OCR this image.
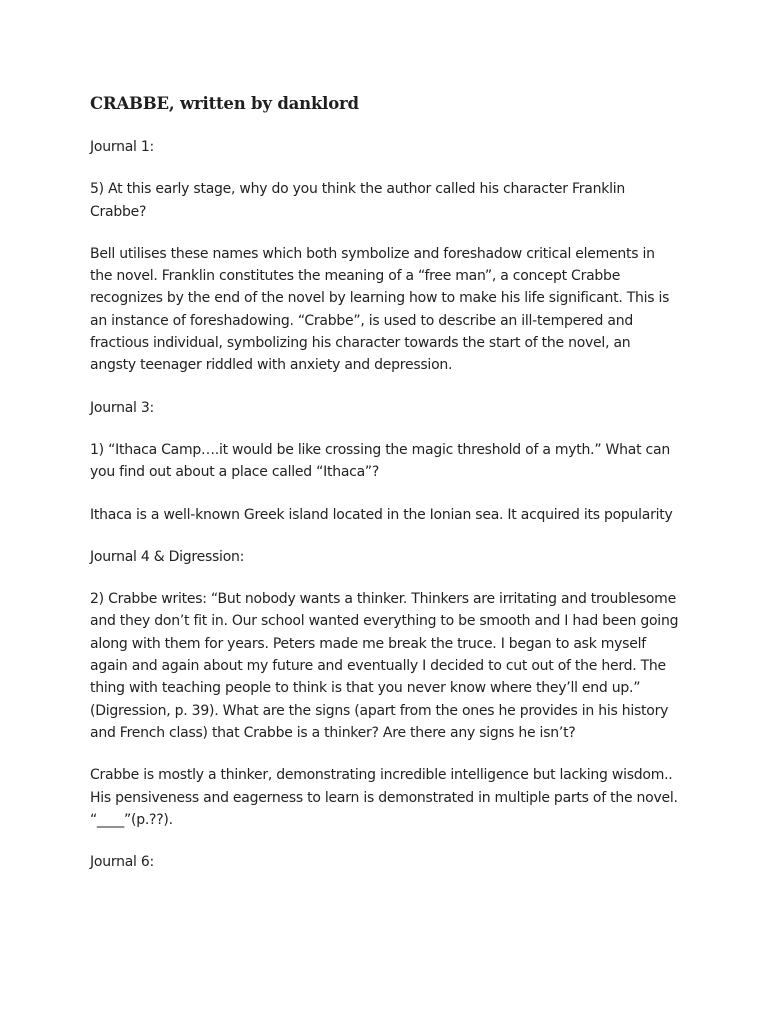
CRABBE, written by danklord

Journal 1:

5) At this early stage, why do you think the author called his character Franklin Crabbe?

Bell utilises these names which both symbolize and foreshadow critical elements in the novel. Franklin constitutes the meaning of a “free man”, a concept Crabbe recognizes by the end of the novel by learning how to make his life significant. This is an instance of foreshadowing. “Crabbe”, is used to describe an ill-tempered and fractious individual, symbolizing his character towards the start of the novel, an angsty teenager riddled with anxiety and depression.

Journal 3:

1) “Ithaca Camp….it would be like crossing the magic threshold of a myth.” What can you find out about a place called “Ithaca”?

Ithaca is a well-known Greek island located in the Ionian sea. It acquired its popularity

Journal 4 & Digression:

2) Crabbe writes: “But nobody wants a thinker. Thinkers are irritating and troublesome and they don’t fit in. Our school wanted everything to be smooth and I had been going along with them for years. Peters made me break the truce. I began to ask myself again and again about my future and eventually I decided to cut out of the herd. The thing with teaching people to think is that you never know where they’ll end up.” (Digression, p. 39). What are the signs (apart from the ones he provides in his history and French class) that Crabbe is a thinker? Are there any signs he isn’t?

Crabbe is mostly a thinker, demonstrating incredible intelligence but lacking wisdom.. His pensiveness and eagerness to learn is demonstrated in multiple parts of the novel. “____”(p.??).

Journal 6:
